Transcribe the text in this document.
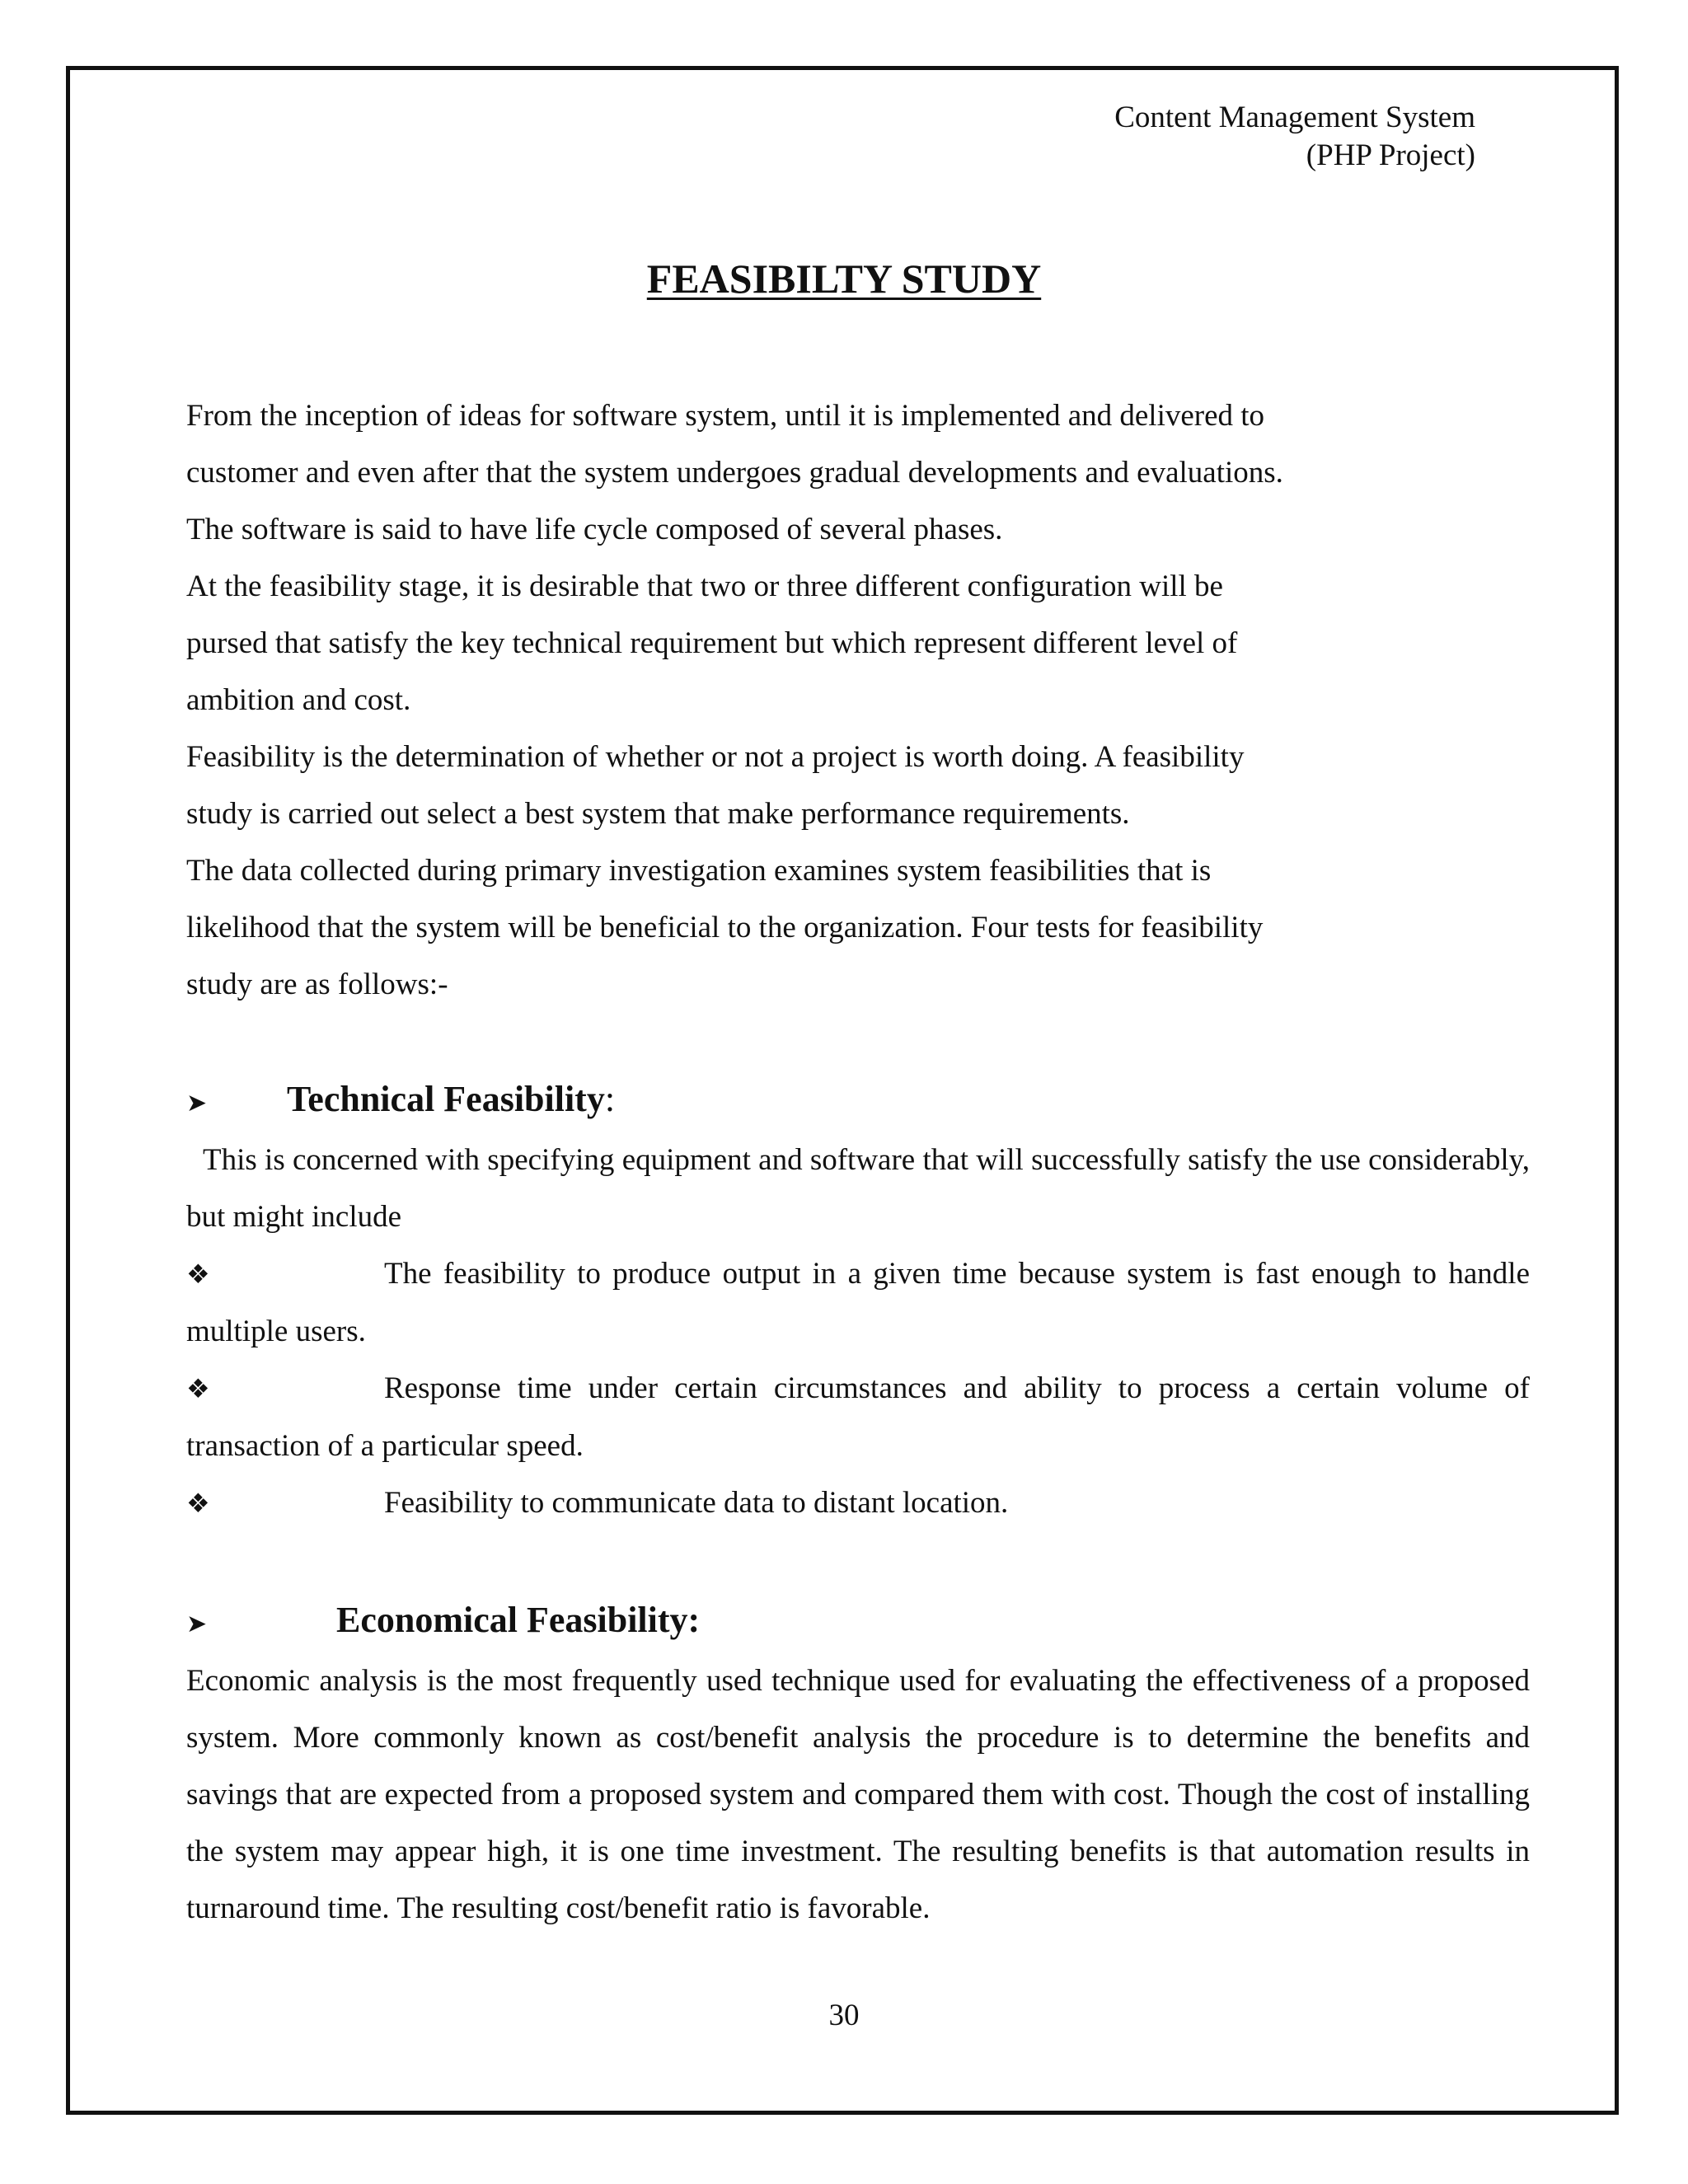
Content Management System
(PHP Project)
FEASIBILTY STUDY
From the inception of ideas for software system, until it is implemented and delivered to
customer and even after that the system undergoes gradual developments and evaluations.
The software is said to have life cycle composed of several phases.
At the feasibility stage, it is desirable that two or three different configuration will be
pursed that satisfy the key technical requirement but which represent different level of
ambition and cost.
Feasibility is the determination of whether or not a project is worth doing. A feasibility
study is carried out select a best system that make performance requirements.
The data collected during primary investigation examines system feasibilities that is
likelihood that the system will be beneficial to the organization. Four tests for feasibility
study are as follows:-
➤	Technical Feasibility :

This is concerned with specifying equipment and software that will successfully satisfy the use considerably, but might include

❖	The feasibility to produce output in a given time because system is fast enough to handle multiple users.

❖	Response time under certain circumstances and ability to process a certain volume of transaction of a particular speed.

❖	Feasibility to communicate data to distant location.

➤	Economical Feasibility:

Economic analysis is the most frequently used technique used for evaluating the effectiveness of a proposed system. More commonly known as cost/benefit analysis the procedure is to determine the benefits and savings that are expected from a proposed system and compared them with cost. Though the cost of installing the system may appear high, it is one time investment. The resulting benefits is that automation results in turnaround time. The resulting cost/benefit ratio is favorable.

30
